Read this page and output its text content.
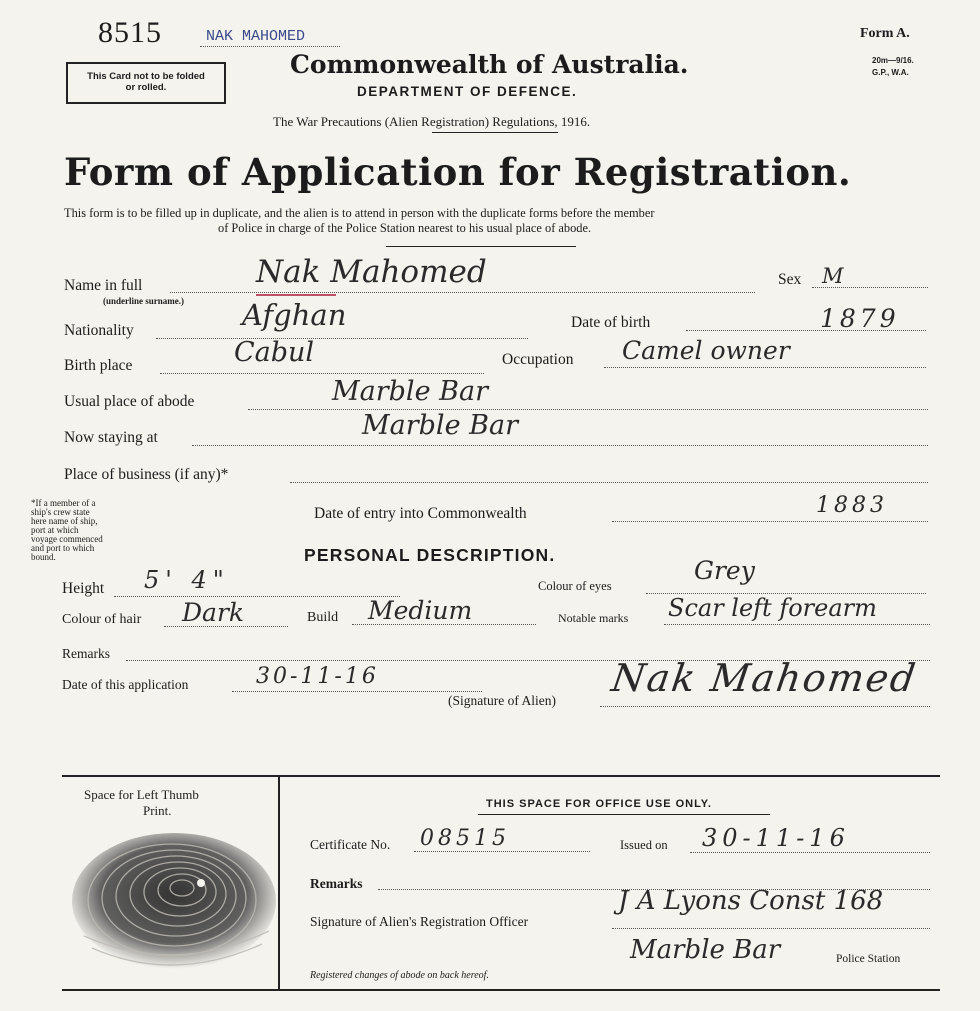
8515	NAK MAHOMED	Form A.
20m—9/16.
G.P., W.A.
This Card not to be folded
or rolled.
Commonwealth of Australia.
DEPARTMENT OF DEFENCE.
The War Precautions (Alien Registration) Regulations, 1916.
Form of Application for Registration.
This form is to be filled up in duplicate, and the alien is to attend in person with the duplicate forms before the member
of Police in charge of the Police Station nearest to his usual place of abode.
Name in full
(underline surname.)
Nak Mahomed	Sex M
Nationality	Afghan	Date of birth	1879
Birth place	Cabul	Occupation Camel owner
Usual place of abode	Marble Bar
Now staying at	Marble Bar
Place of business (if any)*
*If a member of a
ship's crew state
here name of ship,
port at which
voyage commenced
and port to which
bound.
Date of entry into Commonwealth	1883
PERSONAL DESCRIPTION.
Height 5' 4"	Colour of eyes
Grey
Colour of hair Dark	Build Medium	Notable marks Scar left forearm
Remarks
Date of this application	30-11-16
(Signature of Alien)
Nak Mahomed
Space for Left Thumb
Print.	THIS SPACE FOR OFFICE USE ONLY.
Certificate No. 08515	Issued on 30-11-16
Remarks
Signature of Alien's Registration Officer
J A Lyons Const 168
Marble Bar	Police Station
Registered changes of abode on back hereof.
